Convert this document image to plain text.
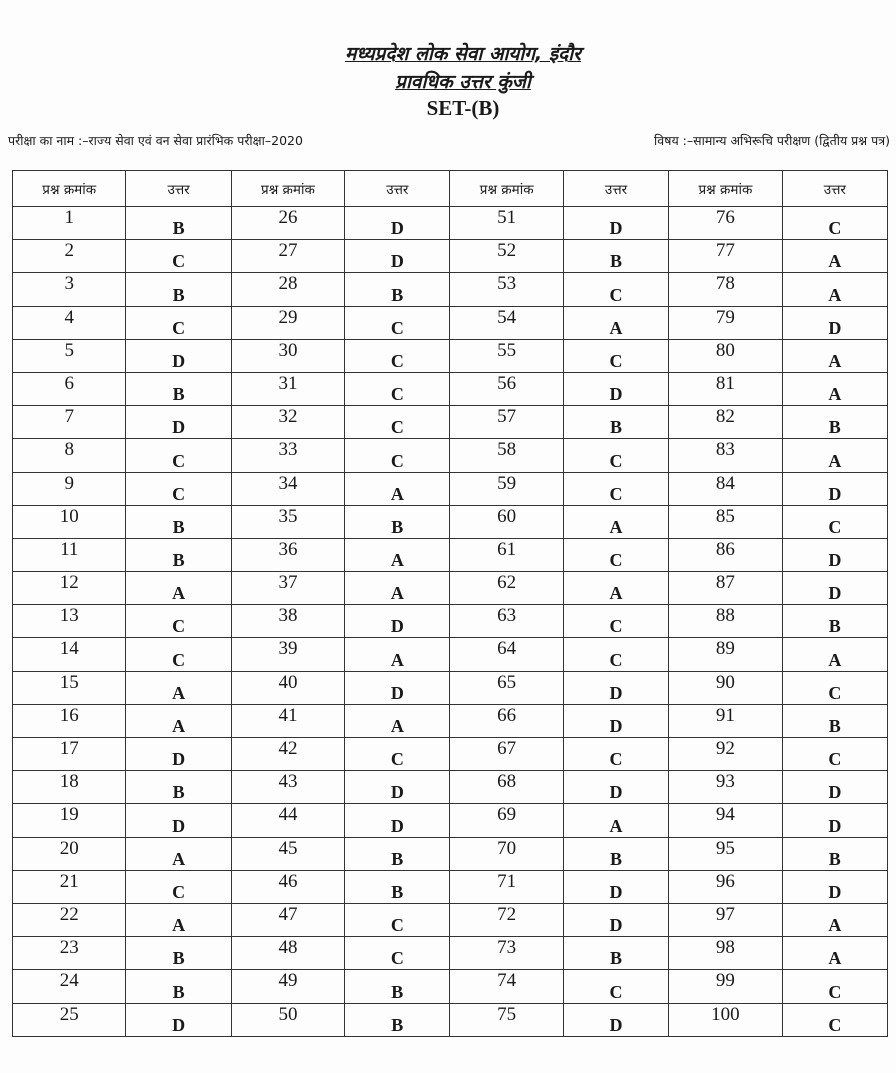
मध्यप्रदेश लोक सेवा आयोग, इंदौर
प्रावधिक उत्तर कुंजी
SET-(B)
परीक्षा का नाम :–राज्य सेवा एवं वन सेवा प्रारंभिक परीक्षा–2020	विषय :–सामान्य अभिरूचि परीक्षण (द्वितीय प्रश्न पत्र)
प्रश्न क्रमांक	उत्तर	प्रश्न क्रमांक	उत्तर	प्रश्न क्रमांक	उत्तर	प्रश्न क्रमांक	उत्तर
1	B	26	D	51	D	76	C
2	C	27	D	52	B	77	A
3	B	28	B	53	C	78	A
4	C	29	C	54	A	79	D
5	D	30	C	55	C	80	A
6	B	31	C	56	D	81	A
7	D	32	C	57	B	82	B
8	C	33	C	58	C	83	A
9	C	34	A	59	C	84	D
10	B	35	B	60	A	85	C
11	B	36	A	61	C	86	D
12	A	37	A	62	A	87	D
13	C	38	D	63	C	88	B
14	C	39	A	64	C	89	A
15	A	40	D	65	D	90	C
16	A	41	A	66	D	91	B
17	D	42	C	67	C	92	C
18	B	43	D	68	D	93	D
19	D	44	D	69	A	94	D
20	A	45	B	70	B	95	B
21	C	46	B	71	D	96	D
22	A	47	C	72	D	97	A
23	B	48	C	73	B	98	A
24	B	49	B	74	C	99	C
25	D	50	B	75	D	100	C
